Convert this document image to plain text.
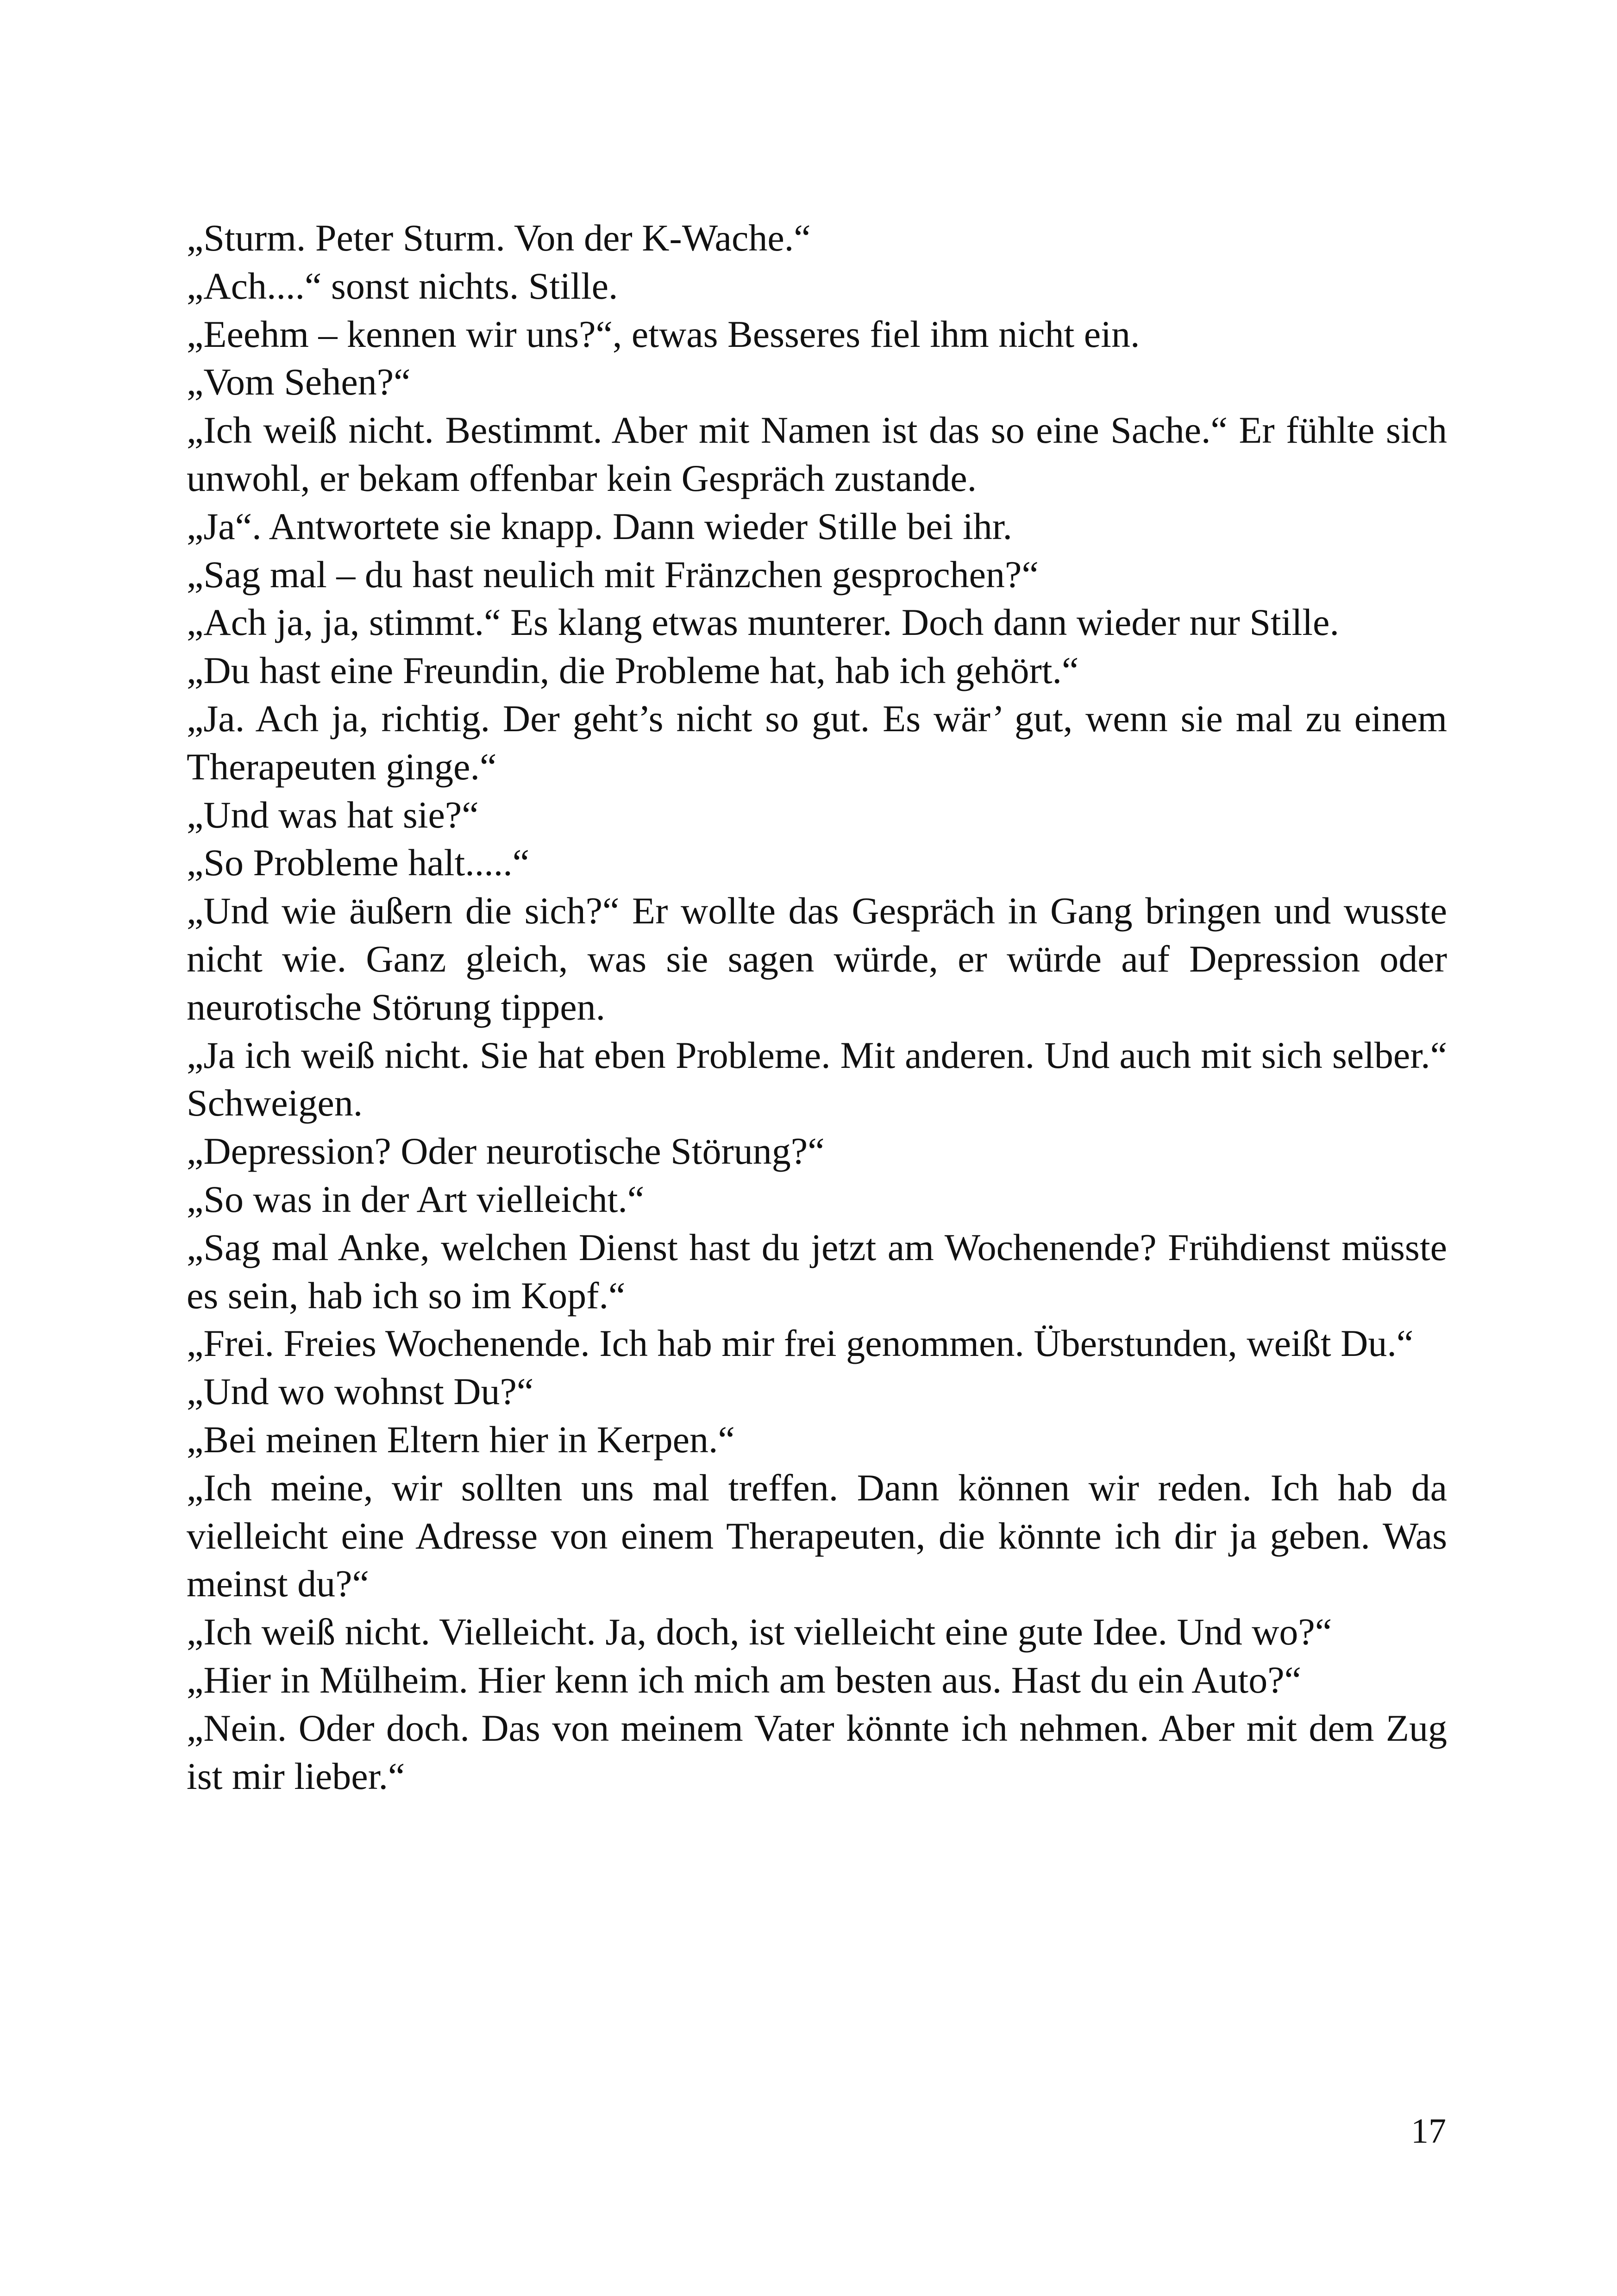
„Sturm. Peter Sturm. Von der K-Wache.“

„Ach....“ sonst nichts. Stille.

„Eeehm – kennen wir uns?“, etwas Besseres fiel ihm nicht ein.

„Vom Sehen?“

„Ich weiß nicht. Bestimmt. Aber mit Namen ist das so eine Sache.“ Er fühlte sich unwohl, er bekam offenbar kein Gespräch zustande.

„Ja“. Antwortete sie knapp. Dann wieder Stille bei ihr.

„Sag mal – du hast neulich mit Fränzchen gesprochen?“

„Ach ja, ja, stimmt.“ Es klang etwas munterer. Doch dann wieder nur Stille.

„Du hast eine Freundin, die Probleme hat, hab ich gehört.“

„Ja. Ach ja, richtig. Der geht’s nicht so gut. Es wär’ gut, wenn sie mal zu einem Therapeuten ginge.“

„Und was hat sie?“

„So Probleme halt.....“

„Und wie äußern die sich?“ Er wollte das Gespräch in Gang bringen und wusste nicht wie. Ganz gleich, was sie sagen würde, er würde auf Depression oder neurotische Störung tippen.

„Ja ich weiß nicht. Sie hat eben Probleme. Mit anderen. Und auch mit sich selber.“ Schweigen.

„Depression? Oder neurotische Störung?“

„So was in der Art vielleicht.“

„Sag mal Anke, welchen Dienst hast du jetzt am Wochenende? Frühdienst müsste es sein, hab ich so im Kopf.“

„Frei. Freies Wochenende. Ich hab mir frei genommen. Überstunden, weißt Du.“

„Und wo wohnst Du?“

„Bei meinen Eltern hier in Kerpen.“

„Ich meine, wir sollten uns mal treffen. Dann können wir reden. Ich hab da vielleicht eine Adresse von einem Therapeuten, die könnte ich dir ja geben. Was meinst du?“

„Ich weiß nicht. Vielleicht. Ja, doch, ist vielleicht eine gute Idee. Und wo?“

„Hier in Mülheim. Hier kenn ich mich am besten aus. Hast du ein Auto?“

„Nein. Oder doch. Das von meinem Vater könnte ich nehmen. Aber mit dem Zug ist mir lieber.“

17
